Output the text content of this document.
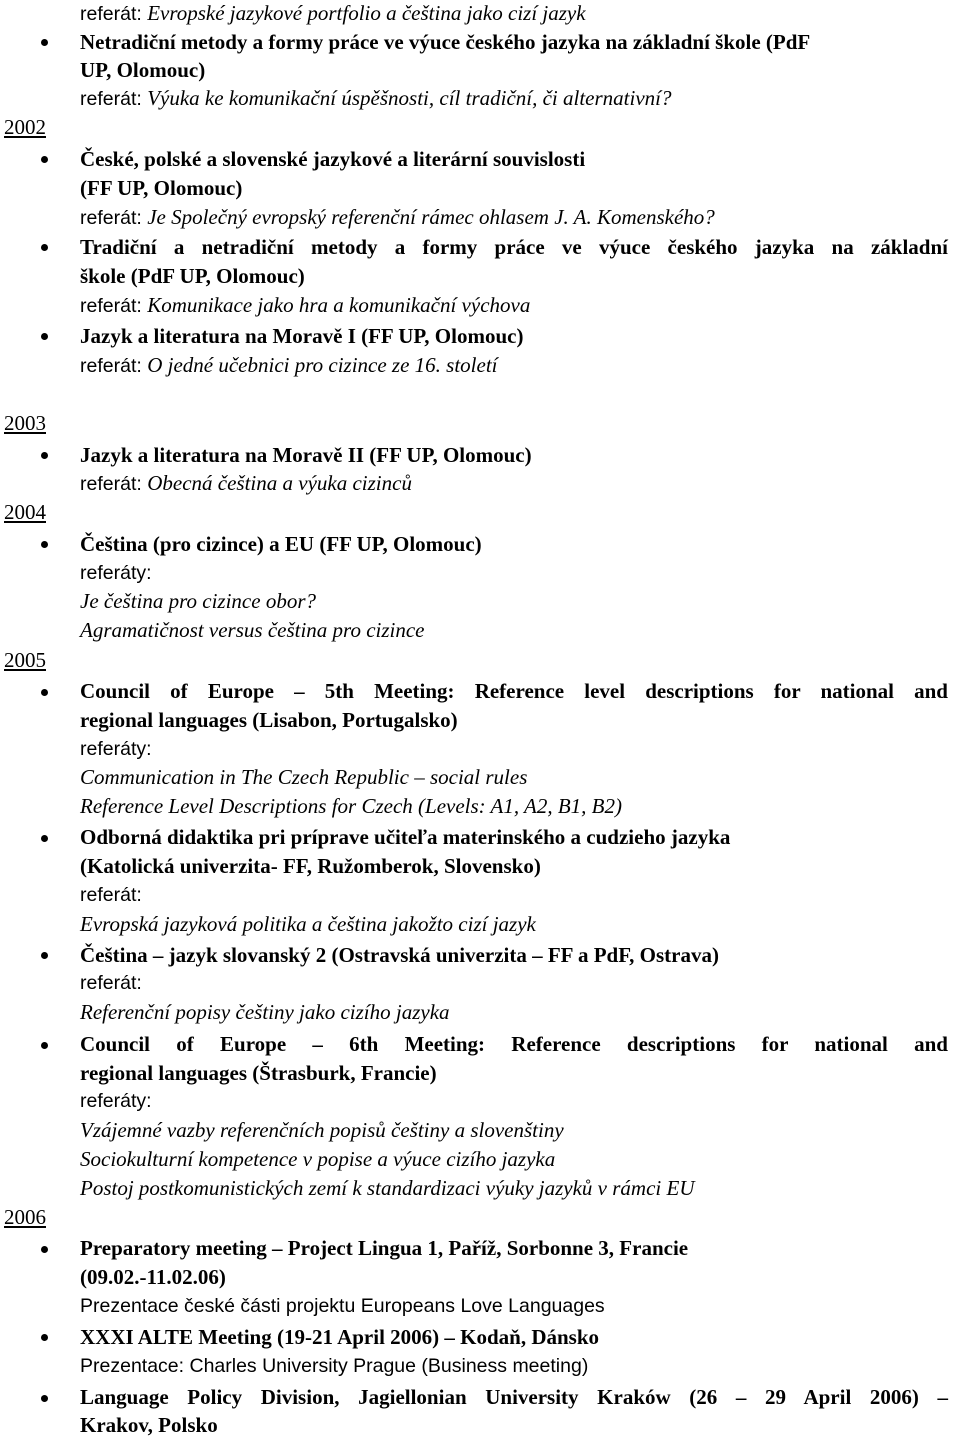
referát: Evropské jazykové portfolio a čeština jako cizí jazyk
Netradiční metody a formy práce ve výuce českého jazyka na základní škole (PdF
UP, Olomouc)
referát: Výuka ke komunikační úspěšnosti, cíl tradiční, či alternativní?
2002
České, polské a slovenské jazykové a literární souvislosti
(FF UP, Olomouc)
referát: Je Společný evropský referenční rámec ohlasem J. A. Komenského?
Tradiční a netradiční metody a formy práce ve výuce českého jazyka na základní
škole (PdF UP, Olomouc)
referát: Komunikace jako hra a komunikační výchova
Jazyk a literatura na Moravě I (FF UP, Olomouc)
referát: O jedné učebnici pro cizince ze 16. století
2003
Jazyk a literatura na Moravě II (FF UP, Olomouc)
referát: Obecná čeština a výuka cizinců
2004
Čeština (pro cizince) a EU (FF UP, Olomouc)
referáty:
Je čeština pro cizince obor?
Agramatičnost versus čeština pro cizince
2005
Council of Europe – 5th Meeting: Reference level descriptions for national and
regional languages (Lisabon, Portugalsko)
referáty:
Communication in The Czech Republic – social rules
Reference Level Descriptions for Czech (Levels: A1, A2, B1, B2)
Odborná didaktika pri príprave učiteľa materinského a cudzieho jazyka
(Katolická univerzita- FF, Ružomberok, Slovensko)
referát:
Evropská jazyková politika a čeština jakožto cizí jazyk
Čeština – jazyk slovanský 2 (Ostravská univerzita – FF a PdF, Ostrava)
referát:
Referenční popisy češtiny jako cizího jazyka
Council of Europe – 6th Meeting: Reference descriptions for national and
regional languages (Štrasburk, Francie)
referáty:
Vzájemné vazby referenčních popisů češtiny a slovenštiny
Sociokulturní kompetence v popise a výuce cizího jazyka
Postoj postkomunistických zemí k standardizaci výuky jazyků v rámci EU
2006
Preparatory meeting – Project Lingua 1, Paříž, Sorbonne 3, Francie
(09.02.-11.02.06)
Prezentace české části projektu Europeans Love Languages
XXXI ALTE Meeting (19-21 April 2006) – Kodaň, Dánsko
Prezentace: Charles University Prague (Business meeting)
Language Policy Division, Jagiellonian University Kraków (26 – 29 April 2006) –
Krakov, Polsko
